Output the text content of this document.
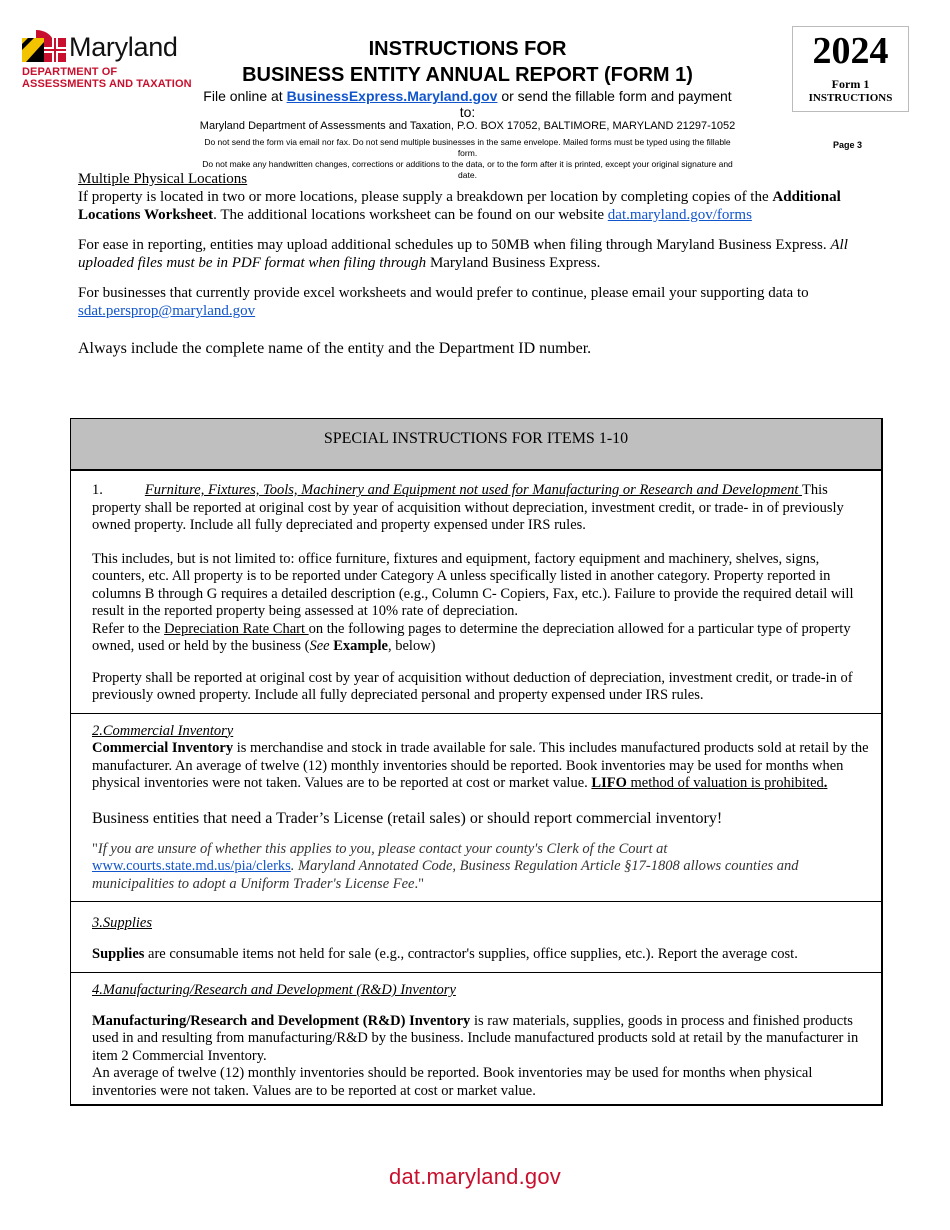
Maryland
DEPARTMENT OF
ASSESSMENTS AND TAXATION
INSTRUCTIONS FOR
BUSINESS ENTITY ANNUAL REPORT (FORM 1)
File online at BusinessExpress.Maryland.gov or send the fillable form and payment to:
Maryland Department of Assessments and Taxation, P.O. BOX 17052, BALTIMORE, MARYLAND 21297-1052
Do not send the form via email nor fax. Do not send multiple businesses in the same envelope. Mailed forms must be typed using the fillable form.
Do not make any handwritten changes, corrections or additions to the data, or to the form after it is printed, except your original signature and date.
2024
Form 1
INSTRUCTIONS
Page 3

Multiple Physical Locations

If property is located in two or more locations, please supply a breakdown per location by completing copies of the Additional Locations Worksheet. The additional locations worksheet can be found on our website dat.maryland.gov/forms

For ease in reporting, entities may upload additional schedules up to 50MB when filing through Maryland Business Express. All uploaded files must be in PDF format when filing through Maryland Business Express.

For businesses that currently provide excel worksheets and would prefer to continue, please email your supporting data to sdat.persprop@maryland.gov

Always include the complete name of the entity and the Department ID number.

SPECIAL INSTRUCTIONS FOR ITEMS 1-10

1.	Furniture, Fixtures, Tools, Machinery and Equipment not used for Manufacturing or Research and Development This property shall be reported at original cost by year of acquisition without depreciation, investment credit, or trade- in of previously owned property. Include all fully depreciated and property expensed under IRS rules.

This includes, but is not limited to: office furniture, fixtures and equipment, factory equipment and machinery, shelves, signs, counters, etc. All property is to be reported under Category A unless specifically listed in another category. Property reported in columns B through G requires a detailed description (e.g., Column C- Copiers, Fax, etc.). Failure to provide the required detail will result in the reported property being assessed at 10% rate of depreciation.
Refer to the Depreciation Rate Chart on the following pages to determine the depreciation allowed for a particular type of property owned, used or held by the business (See Example, below)

Property shall be reported at original cost by year of acquisition without deduction of depreciation, investment credit, or trade-in of previously owned property. Include all fully depreciated personal and property expensed under IRS rules.

2.Commercial Inventory

Commercial Inventory is merchandise and stock in trade available for sale. This includes manufactured products sold at retail by the manufacturer. An average of twelve (12) monthly inventories should be reported. Book inventories may be used for months when physical inventories were not taken. Values are to be reported at cost or market value. LIFO method of valuation is prohibited.

Business entities that need a Trader’s License (retail sales) or should report commercial inventory!

"If you are unsure of whether this applies to you, please contact your county's Clerk of the Court at www.courts.state.md.us/pia/clerks. Maryland Annotated Code, Business Regulation Article §17-1808 allows counties and municipalities to adopt a Uniform Trader's License Fee."

3.Supplies

Supplies are consumable items not held for sale (e.g., contractor's supplies, office supplies, etc.). Report the average cost.

4.Manufacturing/Research and Development (R&D) Inventory

Manufacturing/Research and Development (R&D) Inventory is raw materials, supplies, goods in process and finished products used in and resulting from manufacturing/R&D by the business. Include manufactured products sold at retail by the manufacturer in item 2 Commercial Inventory.
An average of twelve (12) monthly inventories should be reported. Book inventories may be used for months when physical inventories were not taken. Values are to be reported at cost or market value.

dat.maryland.gov
